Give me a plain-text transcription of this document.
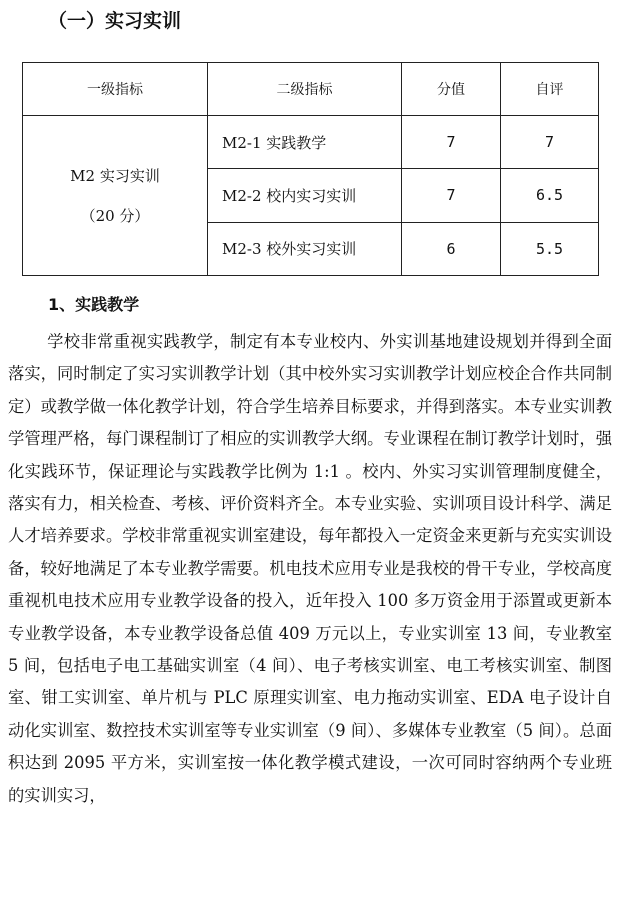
（一）实习实训
一级指标	二级指标	分值	自评

M2 实习实训
（20 分）	M2-1 实践教学	7	7
	M2-2 校内实习实训	7	6.5
	M2-3 校外实习实训	6	5.5
1、实践教学

学校非常重视实践教学，制定有本专业校内、外实训基地建设规划并得到全面落实，同时制定了实习实训教学计划（其中校外实习实训教学计划应校企合作共同制定）或教学做一体化教学计划，符合学生培养目标要求，并得到落实。本专业实训教学管理严格，每门课程制订了相应的实训教学大纲。专业课程在制订教学计划时，强化实践环节，保证理论与实践教学比例为 1:1 。校内、外实习实训管理制度健全，落实有力，相关检查、考核、评价资料齐全。本专业实验、实训项目设计科学、满足人才培养要求。学校非常重视实训室建设，每年都投入一定资金来更新与充实实训设备，较好地满足了本专业教学需要。机电技术应用专业是我校的骨干专业，学校高度重视机电技术应用专业教学设备的投入，近年投入 100 多万资金用于添置或更新本专业教学设备，本专业教学设备总值 409 万元以上，专业实训室 13 间，专业教室 5 间，包括电子电工基础实训室（4 间）、电子考核实训室、电工考核实训室、制图室、钳工实训室、单片机与 PLC 原理实训室、电力拖动实训室、EDA 电子设计自动化实训室、数控技术实训室等专业实训室（9 间）、多媒体专业教室（5 间）。总面积达到 2095 平方米，实训室按一体化教学模式建设，一次可同时容纳两个专业班的实训实习，
